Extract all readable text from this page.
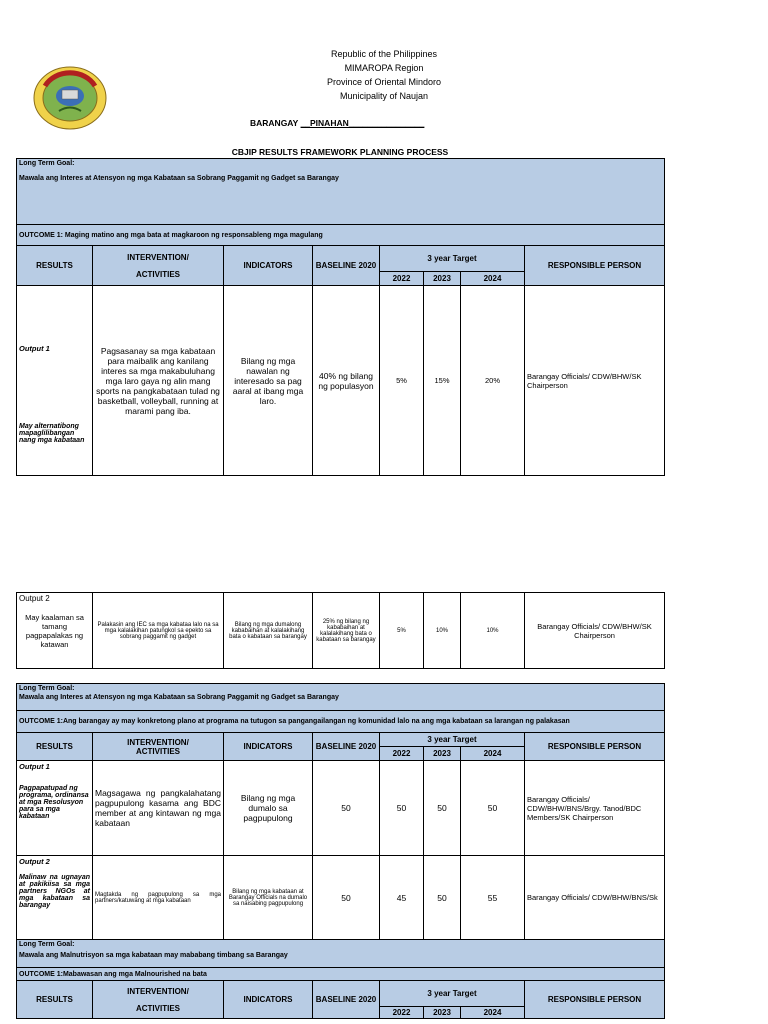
Republic of the Philippines
MIMAROPA Region
Province of Oriental Mindoro
Municipality of Naujan
BARANGAY __PINAHAN________________
CBJIP RESULTS FRAMEWORK PLANNING PROCESS
Long Term Goal:
Mawala ang Interes at Atensyon ng mga Kabataan sa Sobrang Paggamit ng Gadget sa Barangay							

OUTCOME 1: Maging matino ang mga bata at magkaroon ng responsableng mga magulang							
RESULTS	INTERVENTION/
ACTIVITIES	INDICATORS	BASELINE 2020	3 year Target			RESPONSIBLE PERSON
				2022	2023	2024	

Output 1
May alternatibong mapaglilibangan nang mga kabataan	Pagsasanay sa mga kabataan para maibalik ang kanilang interes sa mga makabuluhang mga laro gaya ng alin mang sports na pangkabataan tulad ng basketball, volleyball, running at marami pang iba.	Bilang ng mga nawalan ng interesado sa pag aaral at ibang mga laro.	40% ng bilang ng populasyon	5%	15%	20%	Barangay Officials/ CDW/BHW/SK Chairperson
Output 2
May kaalaman sa tamang pagpapalakas ng katawan
	Palakasin ang IEC sa mga kabataa lalo na sa mga kalalakihan patungkol sa epekto sa sobrang paggamit ng gadget	Bilang ng mga dumalong kababaihan at kalalakihang bata o kabataan sa barangay	25% ng bilang ng kababaihan at kalalakihang bata o kabataan sa barangay	5%	10%	10%	Barangay Officials/ CDW/BHW/SK Chairperson
Long Term Goal:
Mawala ang Interes at Atensyon ng mga Kabataan sa Sobrang Paggamit ng Gadget sa Barangay							

OUTCOME 1:Ang barangay ay may konkretong plano at programa na tutugon sa pangangailangan ng komunidad lalo na ang mga kabataan sa larangan ng palakasan							
RESULTS	INTERVENTION/
ACTIVITIES	INDICATORS	BASELINE 2020	3 year Target			RESPONSIBLE PERSON
				2022	2023	2024	

Output 1
Pagpapatupad ng programa, ordinansa at mga Resolusyon para sa mga kabataan	Magsagawa ng pangkalahatang pagpupulong kasama ang BDC member at ang kintawan ng mga kabataan	Bilang ng mga dumalo sa pagpupulong	50	50	50	50	Barangay Officials/ CDW/BHW/BNS/Brgy. Tanod/BDC Members/SK Chairperson

Output 2
Malinaw na ugnayan at pakikiisa sa mga partners NGOs at mga kabataan sa barangay	Magtakda ng pagpupulong sa mga partners/katuwang at mga kabataan	Bilang ng mga kabataan at Barangay Officials na dumalo sa naisabing pagpupulong	50	45	50	55	Barangay Officials/ CDW/BHW/BNS/Sk

Long Term Goal:
Mawala ang Malnutrisyon sa mga kabataan may mababang timbang sa Barangay							

OUTCOME 1:Mabawasan ang mga Malnourished na bata							
RESULTS	INTERVENTION/
ACTIVITIES	INDICATORS	BASELINE 2020	3 year Target			RESPONSIBLE PERSON
				2022	2023	2024	
